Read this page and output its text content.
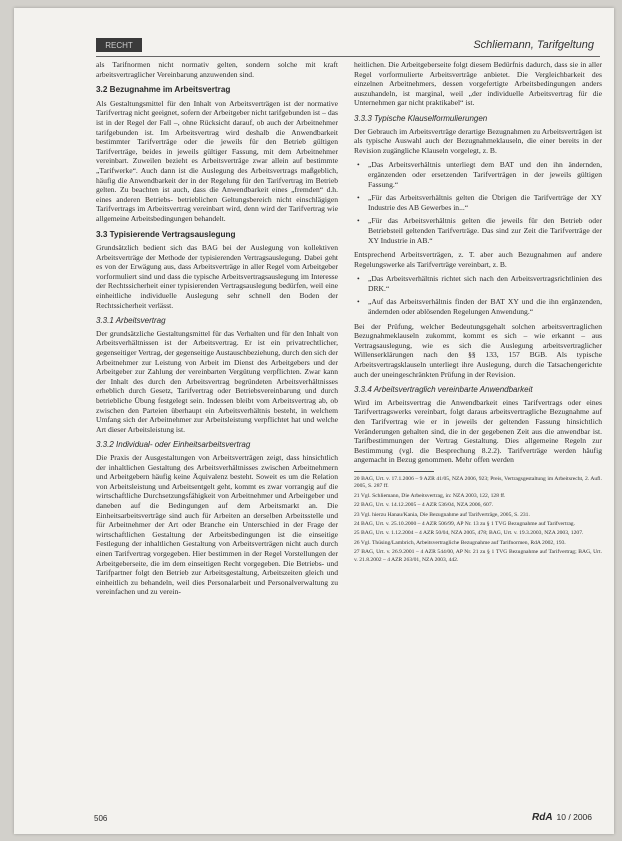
RECHT	Schliemann, Tarifgeltung

als Tarifnormen nicht normativ gelten, sondern solche mit kraft arbeitsvertraglicher Vereinbarung anzuwenden sind.

3.2 Bezugnahme im Arbeitsvertrag

Als Gestaltungsmittel für den Inhalt von Arbeitsverträgen ist der normative Tarifvertrag nicht geeignet, sofern der Arbeitgeber nicht tarifgebunden ist – das ist in der Regel der Fall –, ohne Rücksicht darauf, ob auch der Arbeitnehmer tarifgebunden ist. Im Arbeitsvertrag wird deshalb die Anwendbarkeit bestimmter Tarifverträge oder die jeweils für den Betrieb gültigen Tarifverträge, beides in jeweils gültiger Fassung, mit dem Arbeitnehmer vereinbart. Zuweilen bezieht es Arbeitsverträge zwar allein auf bestimmte „Tarifwerke“. Auch dann ist die Auslegung des Arbeitsvertrags maßgeblich, häufig die Anwendbarkeit der in der Regelung für den Tarifvertrag im Betrieb gelten. Zu beachten ist auch, dass die Anwendbarkeit eines „fremden“ d.h. eines anderen Betriebs- betrieblichen Geltungsbereich nicht einschlägigen Tarifvertrags im Arbeitsvertrag vereinbart wird, denn wird der Tarifvertrag wie allgemeine Arbeitsbedingungen behandelt.

3.3 Typisierende Vertragsauslegung

Grundsätzlich bedient sich das BAG bei der Auslegung von kollektiven Arbeitsverträge der Methode der typisierenden Vertragsauslegung. Dabei geht es von der Erwägung aus, dass Arbeitsverträge in aller Regel vom Arbeitgeber vorformuliert sind und dass die typische Arbeitsvertragsauslegung im Interesse der Rechtssicherheit einer typisierenden Vertragsauslegung bedürfen, weil eine einheitliche individuelle Auslegung sehr schnell den Boden der Rechtssicherheit verlässt.

3.3.1 Arbeitsvertrag

Der grundsätzliche Gestaltungsmittel für das Verhalten und für den Inhalt von Arbeitsverhältnissen ist der Arbeitsvertrag. Er ist ein privatrechtlicher, gegenseitiger Vertrag, der gegenseitige Austauschbeziehung, durch den sich der Arbeitnehmer zur Leistung von Arbeit im Dienst des Arbeitgebers und der Arbeitgeber zur Zahlung der vereinbarten Vergütung verpflichten. Zwar kann der Inhalt des durch den Arbeitsvertrag begründeten Arbeitsverhältnisses erheblich durch Gesetz, Tarifvertrag oder Betriebsvereinbarung und durch betriebliche Übung festgelegt sein. Indessen bleibt vom Arbeitsvertrag ab, ob zwischen den Parteien überhaupt ein Arbeitsverhältnis besteht, in welchem Umfang sich der Arbeitnehmer zur Arbeitsleistung verpflichtet hat und welche Art dieser Arbeitsleistung ist.

3.3.2 Individual- oder Einheitsarbeitsvertrag

Die Praxis der Ausgestaltungen von Arbeitsverträgen zeigt, dass hinsichtlich der inhaltlichen Gestaltung des Arbeitsverhältnisses zwischen Arbeitnehmern und Arbeitgebern häufig keine Äquivalenz besteht. Soweit es um die Relation von Arbeitsleistung und Arbeitsentgelt geht, kommt es zwar vorrangig auf die wirtschaftliche Durchsetzungsfähigkeit von Arbeitnehmer und Arbeitgeber und daneben auf die Bedingungen auf dem Arbeitsmarkt an. Die Einheitsarbeitsverträge sind auch für Arbeiten an derselben Arbeitsstelle und für Arbeitnehmer der Art oder Branche ein Unterschied in der Frage der wirtschaftlichen Gestaltung der Arbeitsbedingungen ist die einseitige Festlegung der inhaltlichen Gestaltung von Arbeitsverträgen nicht auch durch einen Tarifvertrag vorgegeben. Hier bestimmen in der Regel Vorstellungen der Arbeitgeberseite, die im dem einseitigen Recht vorgegeben. Die Betriebs- und Tarifpartner folgt den Betrieb zur Arbeitsgestaltung, Arbeitszeiten gleich und einheitlich zu behandeln, weil dies Personalarbeit und Personalverwaltung zu vereinfachen und zu verein-

heitlichen. Die Arbeitgeberseite folgt diesem Bedürfnis dadurch, dass sie in aller Regel vorformulierte Arbeitsverträge anbietet. Die Vergleichbarkeit des einzelnen Arbeitnehmers, dessen vorgefertigte Arbeitsbedingungen anders auszuhandeln, ist marginal, weil „der individuelle Arbeitsvertrag für die Unternehmen gar nicht praktikabel“ ist.

3.3.3 Typische Klauselformulierungen

Der Gebrauch im Arbeitsverträge derartige Bezugnahmen zu Arbeitsverträgen ist als typische Auswahl auch der Bezugnahmeklauseln, die einer bereits in der Revision zugängliche Klauseln vorgelegt, z. B.

• „Das Arbeitsverhältnis unterliegt dem BAT und den ihn ändernden, ergänzenden oder ersetzenden Tarifverträgen in der jeweils gültigen Fassung.“
• „Für das Arbeitsverhältnis gelten die Übrigen die Tarifverträge der XY Industrie des AB Gewerbes in...“
• „Für das Arbeitsverhältnis gelten die jeweils für den Betrieb oder Betriebsteil geltenden Tarifverträge. Das sind zur Zeit die Tarifverträge der XY Industrie in AB.“

Entsprechend Arbeitsverträgen, z. T. aber auch Bezugnahmen auf andere Regelungswerke als Tarifverträge vereinbart, z. B.

• „Das Arbeitsverhältnis richtet sich nach den Arbeitsvertragsrichtlinien des DRK.“
• „Auf das Arbeitsverhältnis finden der BAT XY und die ihn ergänzenden, ändernden oder ablösenden Regelungen Anwendung.“

Bei der Prüfung, welcher Bedeutungsgehalt solchen arbeitsvertraglichen Bezugnahmeklauseln zukommt, kommt es sich – wie erkannt – aus Vertragsauslegung, wie es sich die Auslegung arbeitsvertraglicher Willenserklärungen nach den §§ 133, 157 BGB. Als typische Arbeitsvertragsklauseln unterliegt ihre Auslegung, durch die Tatsachengerichte auch der uneingeschränkten Prüfung in der Revision.

3.3.4 Arbeitsvertraglich vereinbarte Anwendbarkeit

Wird im Arbeitsvertrag die Anwendbarkeit eines Tarifvertrags oder eines Tarifvertragswerks vereinbart, folgt daraus arbeitsvertragliche Bezugnahme auf den Tarifvertrag wie er in jeweils der geltenden Fassung hinsichtlich Veränderungen gehalten sind, die in der gegebenen Zeit aus die anwendbar ist. Tarifbestimmungen der Vertrag Gestaltung. Dies allgemeine Regeln zur Bestimmung (vgl. die Besprechung 8.2.2). Tarifverträge werden häufig angemacht in Bezug genommen. Mehr offen werden

20 BAG, Urt. v. 17.1.2006 – 9 AZR 41/05, NZA 2006, 923; Preis, Vertragsgestaltung im Arbeitsrecht, 2. Aufl. 2005, S. 287 ff.
21 Vgl. Schliemann, Die Arbeitsvertrag, in: NZA 2003, 122, 128 ff.
22 BAG, Urt. v. 14.12.2005 – 4 AZR 536/04, NZA 2006, 607.
23 Vgl. hierzu Hanau/Kania, Die Bezugnahme auf Tarifverträge, 2005, S. 231.
24 BAG, Urt. v. 25.10.2000 – 4 AZR 506/99, AP Nr. 13 zu § 1 TVG Bezugnahme auf Tarifvertrag.
25 BAG, Urt. v. 1.12.2004 – 4 AZR 50/04, NZA 2005, 478; BAG, Urt. v. 19.3.2003, NZA 2003, 1207.
26 Vgl. Thüsing/Lambrich, Arbeitsvertragliche Bezugnahme auf Tarifnormen, RdA 2002, 193.
27 BAG, Urt. v. 26.9.2001 – 4 AZR 544/00, AP Nr. 21 zu § 1 TVG Bezugnahme auf Tarifvertrag; BAG, Urt. v. 21.8.2002 – 4 AZR 263/01, NZA 2003, 442.
506	RdA 10 / 2006
